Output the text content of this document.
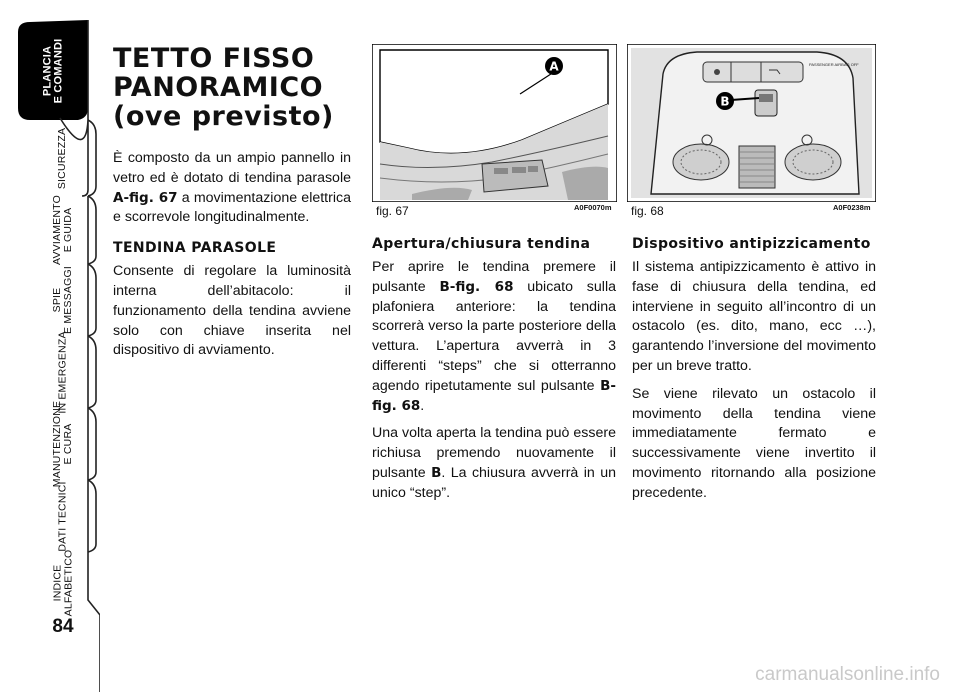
PLANCIA
E COMANDI
SICUREZZA
AVVIAMENTO
E GUIDA
SPIE
E MESSAGGI
IN EMERGENZA
MANUTENZIONE
E CURA
DATI TECNICI
INDICE
ALFABETICO
84
TETTO FISSO
PANORAMICO
(ove previsto)

È composto da un ampio pannello in vetro ed è dotato di tendina parasole A-fig. 67 a movimentazione elettrica e scorrevole longitudinalmente.

TENDINA PARASOLE

Consente di regolare la luminosità interna dell’abitacolo: il funzionamento della tendina avviene solo con chiave inserita nel dispositivo di avviamento.

A
fig. 67	A0F0070m
PASSENGER AIRBAG OFF
B
fig. 68	A0F0238m
Apertura/chiusura tendina

Per aprire le tendina premere il pulsante B-fig. 68 ubicato sulla plafoniera anteriore: la tendina scorrerà verso la parte posteriore della vettura. L’apertura avverrà in 3 differenti “steps” che si otterranno agendo ripetutamente sul pulsante B-fig. 68.

Una volta aperta la tendina può essere richiusa premendo nuovamente il pulsante B. La chiusura avverrà in un unico “step”.

Dispositivo antipizzicamento

Il sistema antipizzicamento è attivo in fase di chiusura della tendina, ed interviene in seguito all’incontro di un ostacolo (es. dito, mano, ecc …), garantendo l’inversione del movimento per un breve tratto.

Se viene rilevato un ostacolo il movimento della tendina viene immediatamente fermato e successivamente viene invertito il movimento ritornando alla posizione precedente.

carmanualsonline.info
